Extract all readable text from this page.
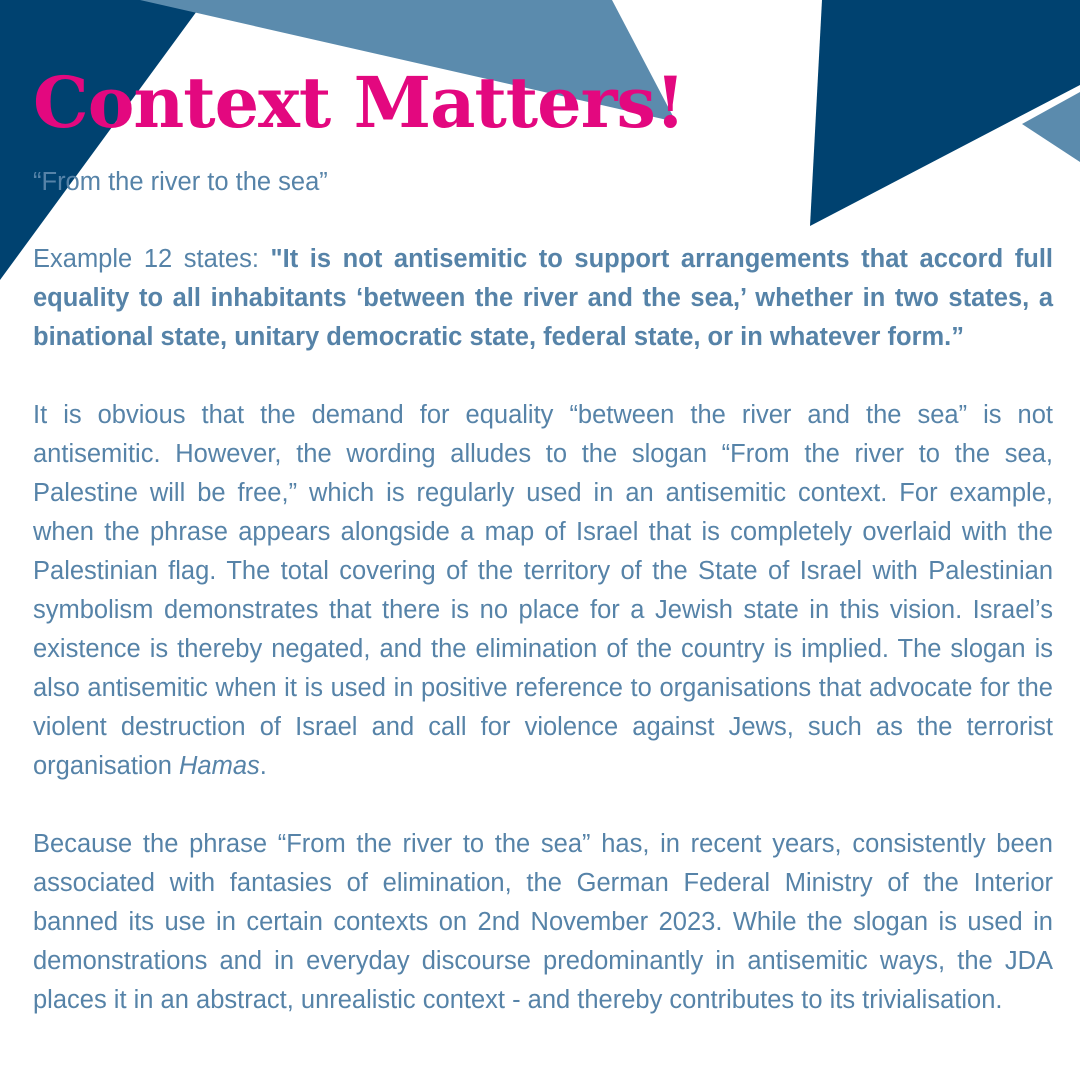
Context Matters!

“From the river to the sea”

Example 12 states: "It is not antisemitic to support arrangements that accord full equality to all inhabitants ‘between the river and the sea,’ whether in two states, a binational state, unitary democratic state, federal state, or in whatever form.”

It is obvious that the demand for equality “between the river and the sea” is not antisemitic. However, the wording alludes to the slogan “From the river to the sea, Palestine will be free,” which is regularly used in an antisemitic context. For example, when the phrase appears alongside a map of Israel that is completely overlaid with the Palestinian flag. The total covering of the territory of the State of Israel with Palestinian symbolism demonstrates that there is no place for a Jewish state in this vision. Israel’s existence is thereby negated, and the elimination of the country is implied. The slogan is also antisemitic when it is used in positive reference to organisations that advocate for the violent destruction of Israel and call for violence against Jews, such as the terrorist organisation Hamas.

Because the phrase “From the river to the sea” has, in recent years, consistently been associated with fantasies of elimination, the German Federal Ministry of the Interior banned its use in certain contexts on 2nd November 2023. While the slogan is used in demonstrations and in everyday discourse predominantly in antisemitic ways, the JDA places it in an abstract, unrealistic context - and thereby contributes to its trivialisation.
